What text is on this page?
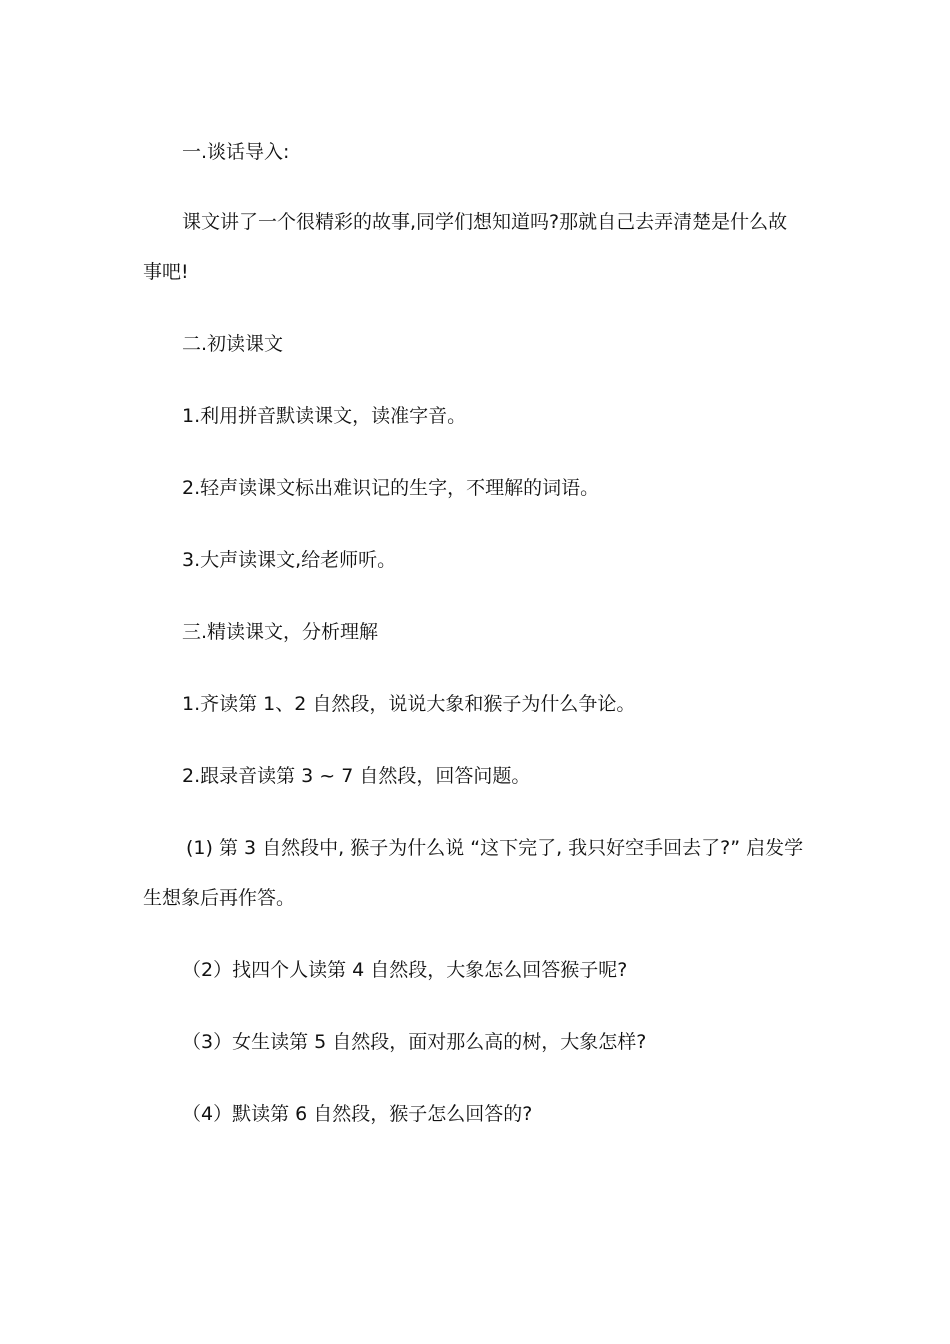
一.谈话导入:
课文讲了一个很精彩的故事,同学们想知道吗?那就自己去弄清楚是什么故
事吧!
二.初读课文
1.利用拼音默读课文，读准字音。
2.轻声读课文标出难识记的生字，不理解的词语。
3.大声读课文,给老师听。
三.精读课文，分析理解
1.齐读第 1、2 自然段，说说大象和猴子为什么争论。
2.跟录音读第 3 ~ 7 自然段，回答问题。
(1) 第 3 自然段中, 猴子为什么说 “这下完了, 我只好空手回去了?” 启发学
生想象后再作答。
（2）找四个人读第 4 自然段，大象怎么回答猴子呢?
（3）女生读第 5 自然段，面对那么高的树，大象怎样?
（4）默读第 6 自然段，猴子怎么回答的?
